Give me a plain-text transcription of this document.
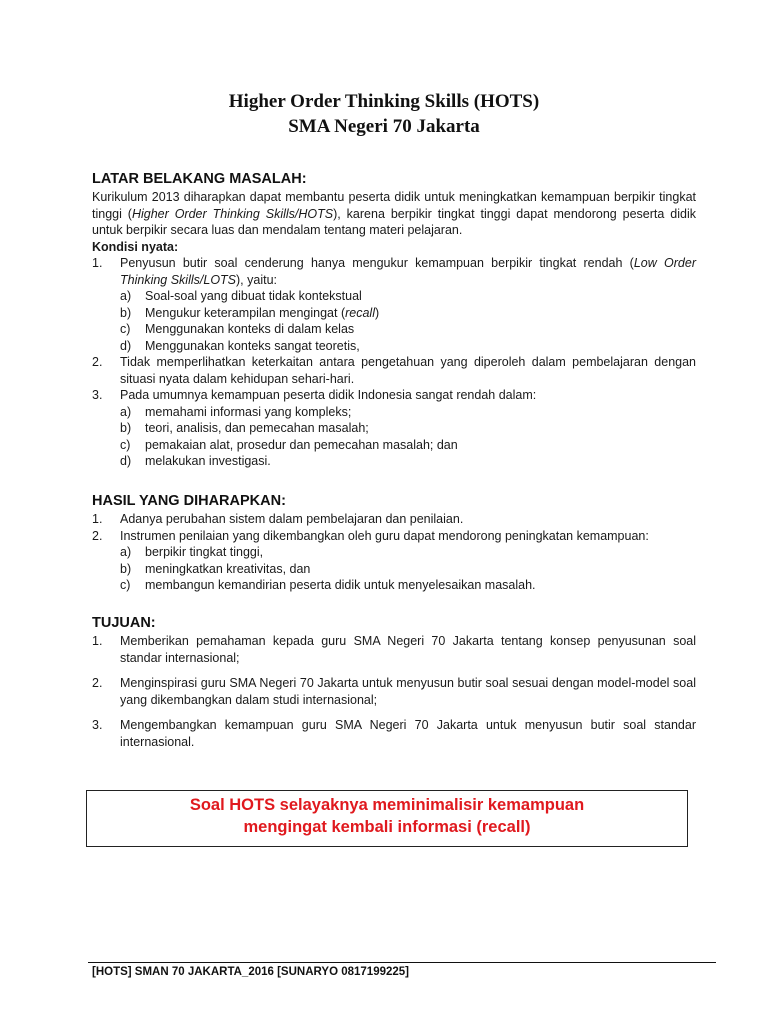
Higher Order Thinking Skills (HOTS)
SMA Negeri 70 Jakarta
LATAR BELAKANG MASALAH:

Kurikulum 2013 diharapkan dapat membantu peserta didik untuk meningkatkan kemampuan berpikir tingkat tinggi (Higher Order Thinking Skills/HOTS), karena berpikir tingkat tinggi dapat mendorong peserta didik untuk berpikir secara luas dan mendalam tentang materi pelajaran.

Kondisi nyata:

1.	Penyusun butir soal cenderung hanya mengukur kemampuan berpikir tingkat rendah (Low Order Thinking Skills/LOTS), yaitu:
a)	Soal-soal yang dibuat tidak kontekstual
b)	Mengukur keterampilan mengingat (recall)
c)	Menggunakan konteks di dalam kelas
d)	Menggunakan konteks sangat teoretis,
2.	Tidak memperlihatkan keterkaitan antara pengetahuan yang diperoleh dalam pembelajaran dengan situasi nyata dalam kehidupan sehari-hari.
3.	Pada umumnya kemampuan peserta didik Indonesia sangat rendah dalam:
a)	memahami informasi yang kompleks;
b)	teori, analisis, dan pemecahan masalah;
c)	pemakaian alat, prosedur dan pemecahan masalah; dan
d)	melakukan investigasi.
HASIL YANG DIHARAPKAN:
1.	Adanya perubahan sistem dalam pembelajaran dan penilaian.
2.	Instrumen penilaian yang dikembangkan oleh guru dapat mendorong peningkatan kemampuan:
a)	berpikir tingkat tinggi,
b)	meningkatkan kreativitas, dan
c)	membangun kemandirian peserta didik untuk menyelesaikan masalah.
TUJUAN:
1.	Memberikan pemahaman kepada guru SMA Negeri 70 Jakarta tentang konsep penyusunan soal standar internasional;
2.	Menginspirasi guru SMA Negeri 70 Jakarta untuk menyusun butir soal sesuai dengan model-model soal yang dikembangkan dalam studi internasional;
3.	Mengembangkan kemampuan guru SMA Negeri 70 Jakarta untuk menyusun butir soal standar internasional.
Soal HOTS selayaknya meminimalisir kemampuan
mengingat kembali informasi (recall)
[HOTS] SMAN 70 JAKARTA_2016 [SUNARYO 0817199225]
